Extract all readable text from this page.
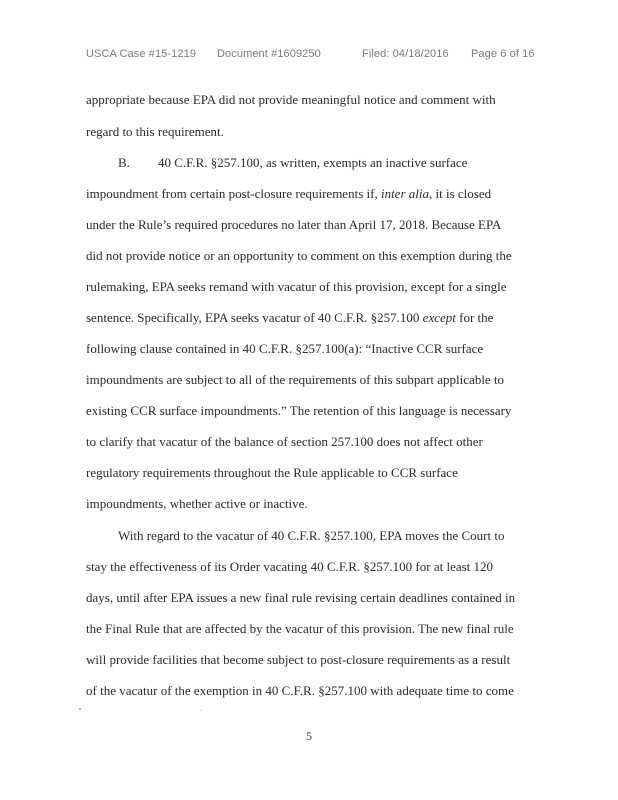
USCA Case #15-1219 Document #1609250	Filed: 04/18/2016 Page 6 of 16
appropriate because EPA did not provide meaningful notice and comment with
regard to this requirement.
B. 40 C.F.R. §257.100, as written, exempts an inactive surface
impoundment from certain post-closure requirements if, inter alia, it is closed
under the Rule’s required procedures no later than April 17, 2018. Because EPA
did not provide notice or an opportunity to comment on this exemption during the
rulemaking, EPA seeks remand with vacatur of this provision, except for a single
sentence. Specifically, EPA seeks vacatur of 40 C.F.R. §257.100 except for the
following clause contained in 40 C.F.R. §257.100(a): “Inactive CCR surface
impoundments are subject to all of the requirements of this subpart applicable to
existing CCR surface impoundments.” The retention of this language is necessary
to clarify that vacatur of the balance of section 257.100 does not affect other
regulatory requirements throughout the Rule applicable to CCR surface
impoundments, whether active or inactive.
With regard to the vacatur of 40 C.F.R. §257.100, EPA moves the Court to
stay the effectiveness of its Order vacating 40 C.F.R. §257.100 for at least 120
days, until after EPA issues a new final rule revising certain deadlines contained in
the Final Rule that are affected by the vacatur of this provision. The new final rule
will provide facilities that become subject to post-closure requirements as a result
of the vacatur of the exemption in 40 C.F.R. §257.100 with adequate time to come
5
